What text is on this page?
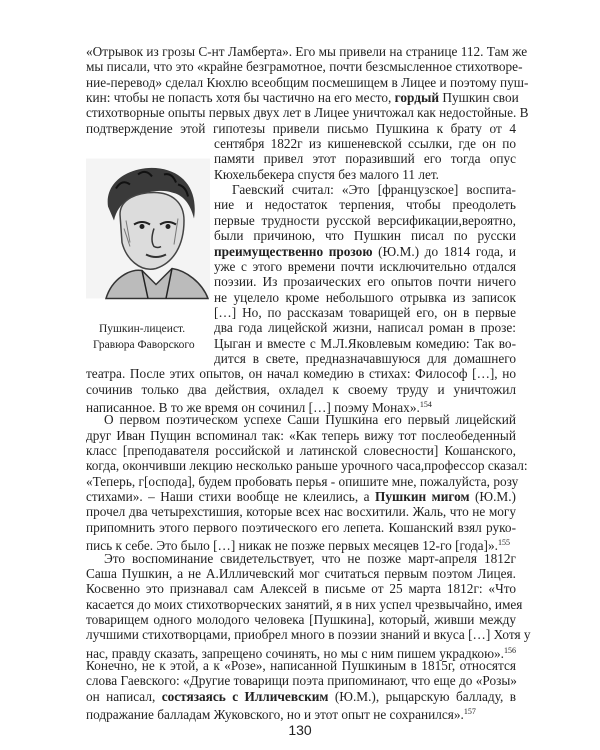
«Отрывок из грозы С-нт Ламберта». Его мы привели на странице 112. Там же

мы писали, что это «крайне безграмотное, почти безсмысленное стихотворе-

ние-перевод» сделал Кюхлю всеобщим посмешищем в Лицее и поэтому пуш-

кин: чтобы не попасть хотя бы частично на его место, гордый Пушкин свои

стихотворные опыты первых двух лет в Лицее уничтожал как недостойные. В

подтверждение этой гипотезы привели письмо Пушкина к брату от 4

сентября 1822г из кишеневской ссылки, где он по

памяти привел этот поразивший его тогда опус

Кюхельбекера спустя без малого 11 лет.

Гаевский считал: «Это [французское] воспита-

ние и недостаток терпения, чтобы преодолеть

первые трудности русской версификации,вероятно,

были причиною, что Пушкин писал по русски

преимущественно прозою (Ю.М.) до 1814 года, и

уже с этого времени почти исключительно отдался

поэзии. Из прозаических его опытов почти ничего

не уцелело кроме небольшого отрывка из записок

[…] Но, по рассказам товарищей его, он в первые

два года лицейской жизни, написал роман в прозе:

Цыган и вместе с М.Л.Яковлевым комедию: Так во-

дится в свете, предназначавшуюся для домашнего

театра. После этих опытов, он начал комедию в стихах: Философ […], но

сочинив только два действия, охладел к своему труду и уничтожил

написанное. В то же время он сочинил […] поэму Монах».$^{154}$

О первом поэтическом успехе Саши Пушкина его первый лицейский

друг Иван Пущин вспоминал так: «Как теперь вижу тот послеобеденный

класс [преподавателя российской и латинской словесности] Кошанского,

когда, окончивши лекцию несколько раньше урочного часа,профессор сказал:

«Теперь, г[оспода], будем пробовать перья - опишите мне, пожалуйста, розу

стихами». – Наши стихи вообще не клеились, а Пушкин мигом (Ю.М.)

прочел два четырехстишия, которые всех нас восхитили. Жаль, что не могу

припомнить этого первого поэтического его лепета. Кошанский взял руко-

пись к себе. Это было […] никак не позже первых месяцев 12-го [года]».$^{155}$

Это воспоминание свидетельствует, что не позже март-апреля 1812г

Саша Пушкин, а не А.Илличевский мог считаться первым поэтом Лицея.

Косвенно это признавал сам Алексей в письме от 25 марта 1812г: «Что

касается до моих стихотворческих занятий, я в них успел чрезвычайно, имея

товарищем одного молодого человека [Пушкина], который, живши между

лучшими стихотворцами, приобрел много в поэзии знаний и вкуса […] Хотя у

нас, правду сказать, запрещено сочинять, но мы с ним пишем украдкою».$^{156}$

Конечно, не к этой, а к «Розе», написанной Пушкиным в 1815г, относятся

слова Гаевского: «Другие товарищи поэта припоминают, что еще до «Розы»

он написал, состязаясь с Илличевским (Ю.М.), рыцарскую балладу, в

подражание балладам Жуковского, но и этот опыт не сохранился».$^{157}$

Пушкин-лицеист.
Гравюра Фаворского
130
